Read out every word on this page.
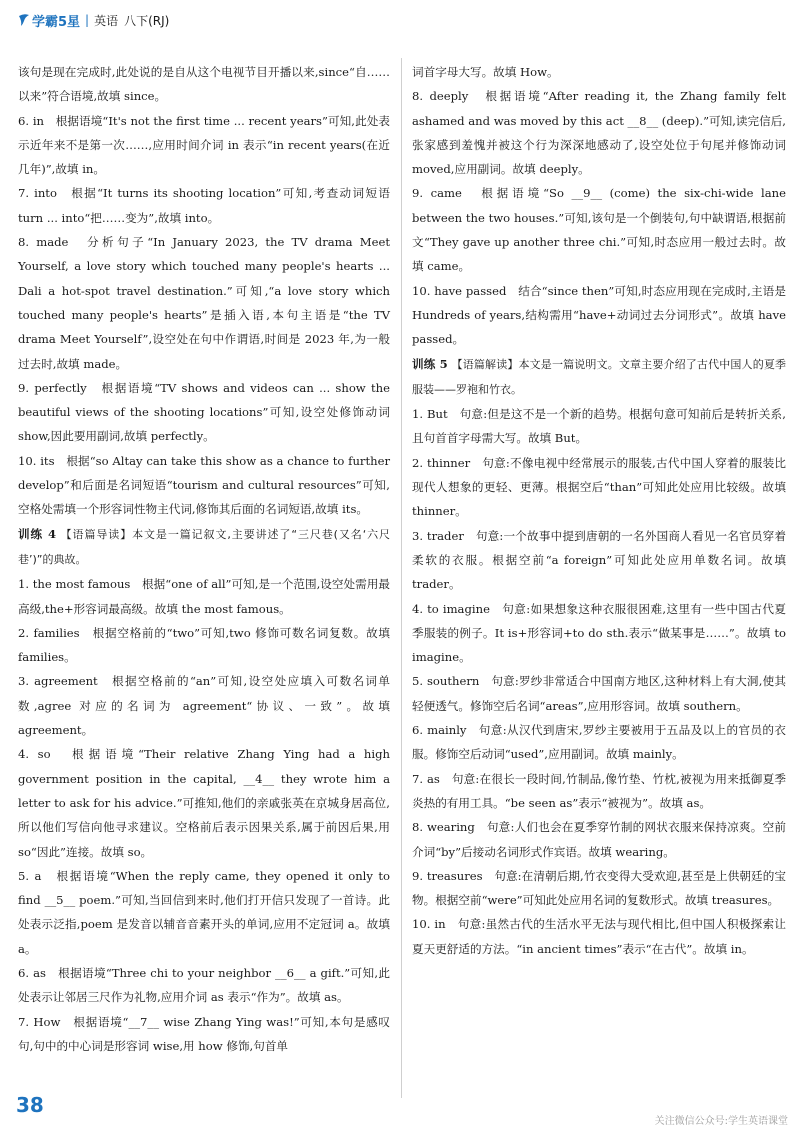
学霸5星 | 英语 八下(RJ)

该句是现在完成时,此处说的是自从这个电视节目开播以来,since“自……以来”符合语境,故填 since。

6. in　根据语境“It's not the first time ... recent years”可知,此处表示近年来不是第一次……,应用时间介词 in 表示“in recent years(在近几年)”,故填 in。

7. into　根据“It turns its shooting location”可知,考查动词短语 turn ... into“把……变为”,故填 into。

8. made　分析句子“In January 2023, the TV drama Meet Yourself, a love story which touched many people's hearts ... Dali a hot-spot travel destination.”可知,“a love story which touched many people's hearts”是插入语,本句主语是“the TV drama Meet Yourself”,设空处在句中作谓语,时间是 2023 年,为一般过去时,故填 made。

9. perfectly　根据语境“TV shows and videos can ... show the beautiful views of the shooting locations”可知,设空处修饰动词 show,因此要用副词,故填 perfectly。

10. its　根据“so Altay can take this show as a chance to further develop”和后面是名词短语“tourism and cultural resources”可知,空格处需填一个形容词性物主代词,修饰其后面的名词短语,故填 its。

训练 4 【语篇导读】本文是一篇记叙文,主要讲述了“三尺巷(又名‘六尺巷’)”的典故。

1. the most famous　根据“one of all”可知,是一个范围,设空处需用最高级,the+形容词最高级。故填 the most famous。

2. families　根据空格前的“two”可知,two 修饰可数名词复数。故填 families。

3. agreement　根据空格前的“an”可知,设空处应填入可数名词单数,agree 对应的名词为 agreement“协议、一致”。故填 agreement。

4. so　根据语境“Their relative Zhang Ying had a high government position in the capital, __4__ they wrote him a letter to ask for his advice.”可推知,他们的亲戚张英在京城身居高位,所以他们写信向他寻求建议。空格前后表示因果关系,属于前因后果,用 so“因此”连接。故填 so。

5. a　根据语境“When the reply came, they opened it only to find __5__ poem.”可知,当回信到来时,他们打开信只发现了一首诗。此处表示泛指,poem 是发音以辅音音素开头的单词,应用不定冠词 a。故填 a。

6. as　根据语境“Three chi to your neighbor __6__ a gift.”可知,此处表示让邻居三尺作为礼物,应用介词 as 表示“作为”。故填 as。

7. How　根据语境“__7__ wise Zhang Ying was!”可知,本句是感叹句,句中的中心词是形容词 wise,用 how 修饰,句首单

词首字母大写。故填 How。

8. deeply　根据语境“After reading it, the Zhang family felt ashamed and was moved by this act __8__ (deep).”可知,读完信后,张家感到羞愧并被这个行为深深地感动了,设空处位于句尾并修饰动词 moved,应用副词。故填 deeply。

9. came　根据语境“So __9__ (come) the six-chi-wide lane between the two houses.”可知,该句是一个倒装句,句中缺谓语,根据前文“They gave up another three chi.”可知,时态应用一般过去时。故填 came。

10. have passed　结合“since then”可知,时态应用现在完成时,主语是 Hundreds of years,结构需用“have+动词过去分词形式”。故填 have passed。

训练 5 【语篇解读】本文是一篇说明文。文章主要介绍了古代中国人的夏季服装——罗袍和竹衣。

1. But　句意:但是这不是一个新的趋势。根据句意可知前后是转折关系,且句首首字母需大写。故填 But。

2. thinner　句意:不像电视中经常展示的服装,古代中国人穿着的服装比现代人想象的更轻、更薄。根据空后“than”可知此处应用比较级。故填 thinner。

3. trader　句意:一个故事中提到唐朝的一名外国商人看见一名官员穿着柔软的衣服。根据空前“a foreign”可知此处应用单数名词。故填 trader。

4. to imagine　句意:如果想象这种衣服很困难,这里有一些中国古代夏季服装的例子。It is+形容词+to do sth.表示“做某事是……”。故填 to imagine。

5. southern　句意:罗纱非常适合中国南方地区,这种材料上有大洞,使其轻便透气。修饰空后名词“areas”,应用形容词。故填 southern。

6. mainly　句意:从汉代到唐宋,罗纱主要被用于五品及以上的官员的衣服。修饰空后动词“used”,应用副词。故填 mainly。

7. as　句意:在很长一段时间,竹制品,像竹垫、竹枕,被视为用来抵御夏季炎热的有用工具。“be seen as”表示“被视为”。故填 as。

8. wearing　句意:人们也会在夏季穿竹制的网状衣服来保持凉爽。空前介词“by”后接动名词形式作宾语。故填 wearing。

9. treasures　句意:在清朝后期,竹衣变得大受欢迎,甚至是上供朝廷的宝物。根据空前“were”可知此处应用名词的复数形式。故填 treasures。

10. in　句意:虽然古代的生活水平无法与现代相比,但中国人积极探索让夏天更舒适的方法。“in ancient times”表示“在古代”。故填 in。

38
关注微信公众号:学生英语课堂
